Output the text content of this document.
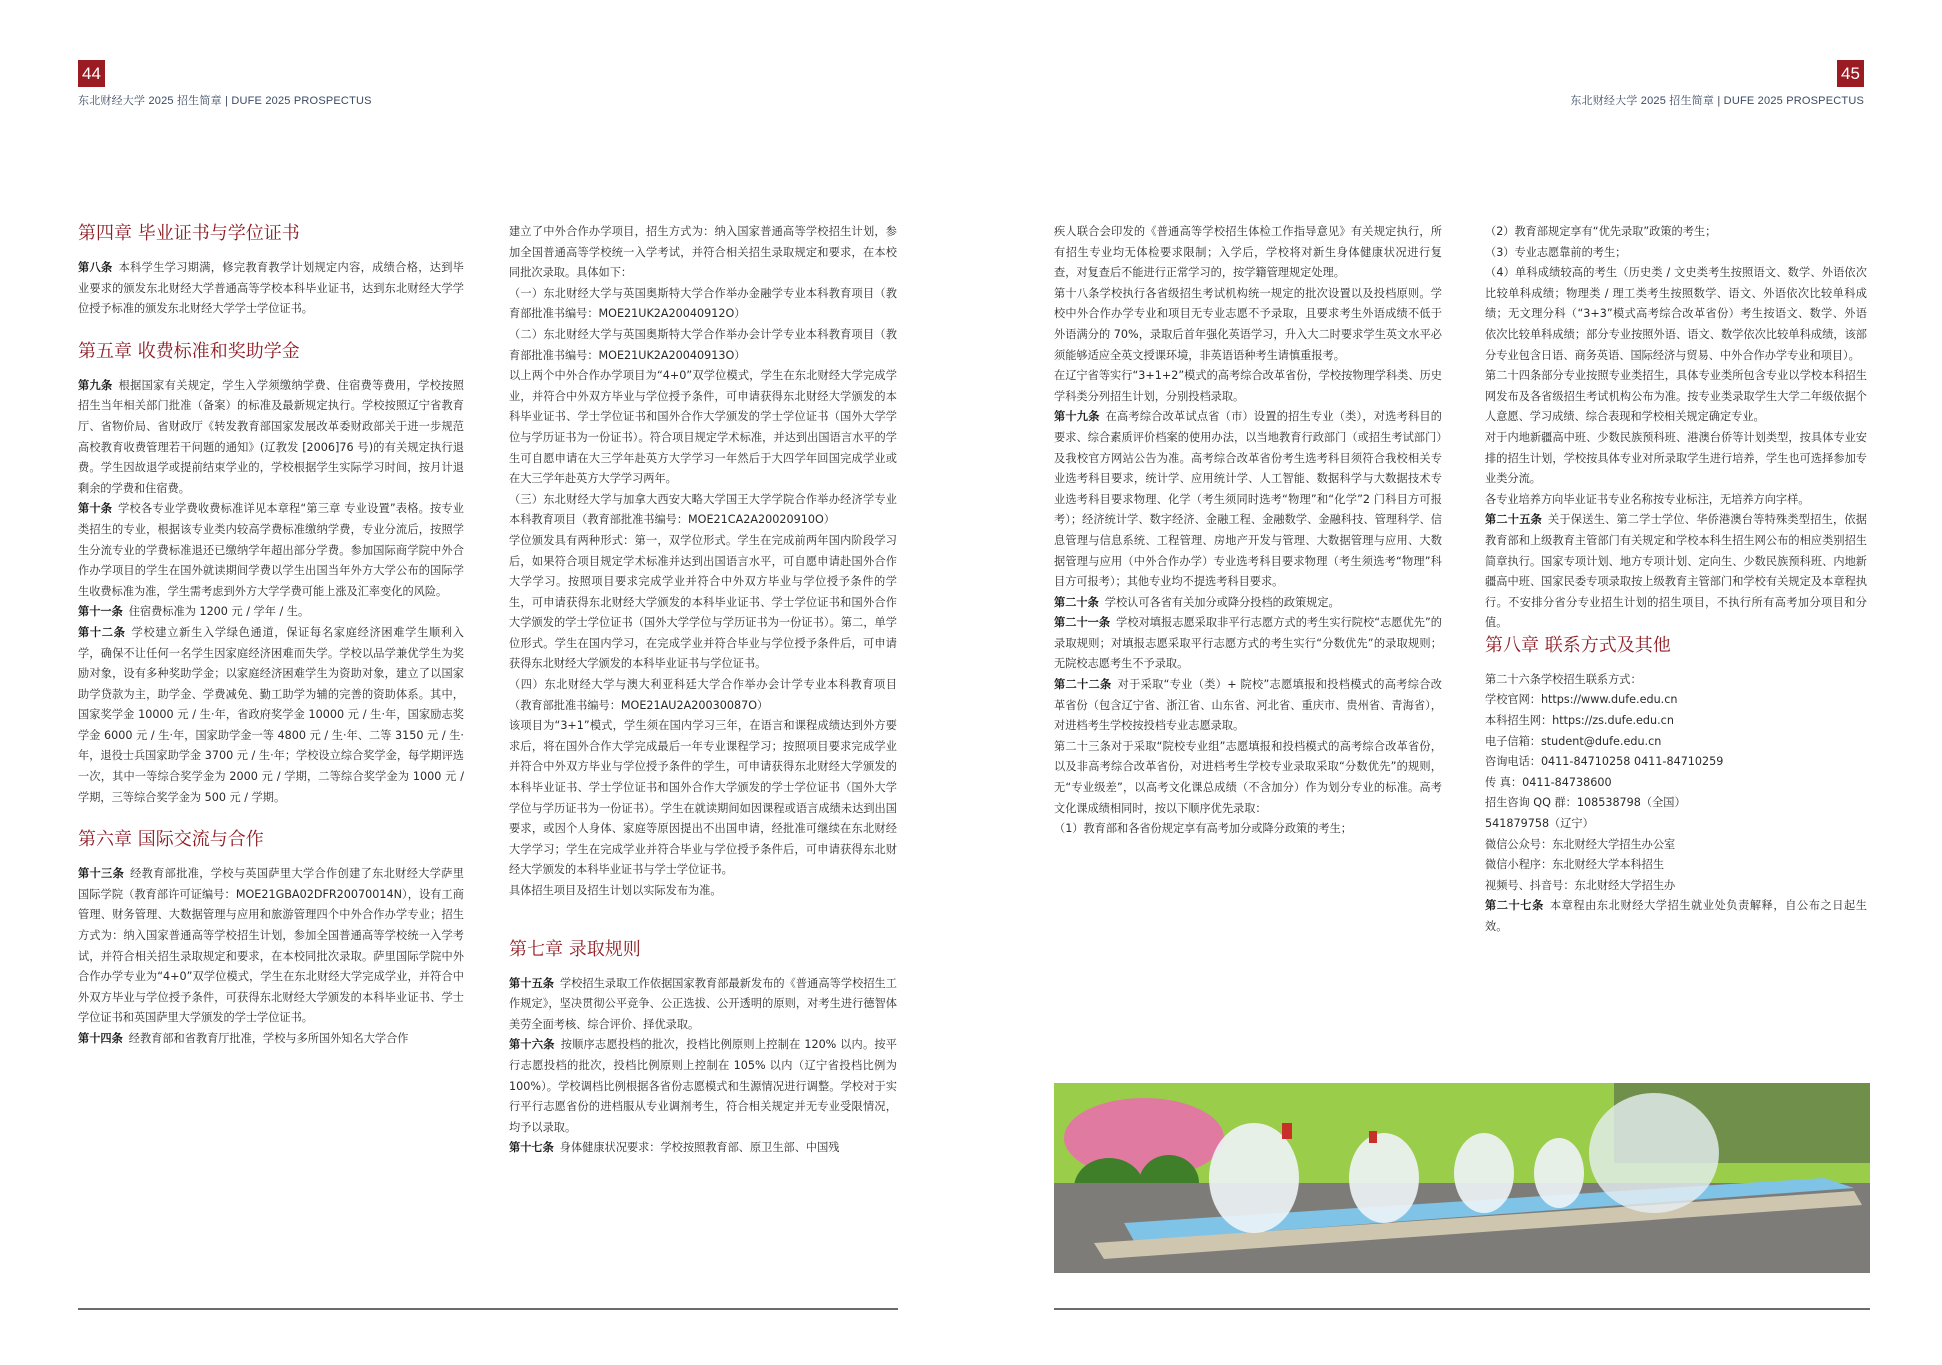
44
东北财经大学 2025 招生简章 | DUFE 2025 PROSPECTUS
45
东北财经大学 2025 招生简章 | DUFE 2025 PROSPECTUS
第四章 毕业证书与学位证书

第八条 本科学生学习期满，修完教育教学计划规定内容，成绩合格，达到毕业要求的颁发东北财经大学普通高等学校本科毕业证书，达到东北财经大学学位授予标准的颁发东北财经大学学士学位证书。

第五章 收费标准和奖助学金

第九条 根据国家有关规定，学生入学须缴纳学费、住宿费等费用，学校按照招生当年相关部门批准（备案）的标准及最新规定执行。学校按照辽宁省教育厅、省物价局、省财政厅《转发教育部国家发展改革委财政部关于进一步规范高校教育收费管理若干问题的通知》(辽教发 [2006]76 号)的有关规定执行退费。学生因故退学或提前结束学业的，学校根据学生实际学习时间，按月计退剩余的学费和住宿费。

第十条 学校各专业学费收费标准详见本章程“第三章 专业设置”表格。按专业类招生的专业，根据该专业类内较高学费标准缴纳学费，专业分流后，按照学生分流专业的学费标准退还已缴纳学年超出部分学费。参加国际商学院中外合作办学项目的学生在国外就读期间学费以学生出国当年外方大学公布的国际学生收费标准为准，学生需考虑到外方大学学费可能上涨及汇率变化的风险。

第十一条 住宿费标准为 1200 元 / 学年 / 生。

第十二条 学校建立新生入学绿色通道，保证每名家庭经济困难学生顺利入学，确保不让任何一名学生因家庭经济困难而失学。学校以品学兼优学生为奖励对象，设有多种奖助学金；以家庭经济困难学生为资助对象，建立了以国家助学贷款为主，助学金、学费减免、勤工助学为辅的完善的资助体系。其中，国家奖学金 10000 元 / 生·年，省政府奖学金 10000 元 / 生·年，国家励志奖学金 6000 元 / 生·年，国家助学金一等 4800 元 / 生·年、二等 3150 元 / 生·年，退役士兵国家助学金 3700 元 / 生·年；学校设立综合奖学金，每学期评选一次，其中一等综合奖学金为 2000 元 / 学期，二等综合奖学金为 1000 元 / 学期，三等综合奖学金为 500 元 / 学期。

第六章 国际交流与合作

第十三条 经教育部批准，学校与英国萨里大学合作创建了东北财经大学萨里国际学院（教育部许可证编号：MOE21GBA02DFR20070014N），设有工商管理、财务管理、大数据管理与应用和旅游管理四个中外合作办学专业；招生方式为：纳入国家普通高等学校招生计划，参加全国普通高等学校统一入学考试，并符合相关招生录取规定和要求，在本校同批次录取。萨里国际学院中外合作办学专业为“4+0”双学位模式，学生在东北财经大学完成学业，并符合中外双方毕业与学位授予条件，可获得东北财经大学颁发的本科毕业证书、学士学位证书和英国萨里大学颁发的学士学位证书。

第十四条 经教育部和省教育厅批准，学校与多所国外知名大学合作

建立了中外合作办学项目，招生方式为：纳入国家普通高等学校招生计划，参加全国普通高等学校统一入学考试，并符合相关招生录取规定和要求，在本校同批次录取。具体如下：

（一）东北财经大学与英国奥斯特大学合作举办金融学专业本科教育项目（教育部批准书编号：MOE21UK2A20040912O）

（二）东北财经大学与英国奥斯特大学合作举办会计学专业本科教育项目（教育部批准书编号：MOE21UK2A20040913O）

以上两个中外合作办学项目为“4+0”双学位模式，学生在东北财经大学完成学业，并符合中外双方毕业与学位授予条件，可申请获得东北财经大学颁发的本科毕业证书、学士学位证书和国外合作大学颁发的学士学位证书（国外大学学位与学历证书为一份证书）。符合项目规定学术标准，并达到出国语言水平的学生可自愿申请在大三学年赴英方大学学习一年然后于大四学年回国完成学业或在大三学年赴英方大学学习两年。

（三）东北财经大学与加拿大西安大略大学国王大学学院合作举办经济学专业本科教育项目（教育部批准书编号：MOE21CA2A20020910O）

学位颁发具有两种形式：第一，双学位形式。学生在完成前两年国内阶段学习后，如果符合项目规定学术标准并达到出国语言水平，可自愿申请赴国外合作大学学习。按照项目要求完成学业并符合中外双方毕业与学位授予条件的学生，可申请获得东北财经大学颁发的本科毕业证书、学士学位证书和国外合作大学颁发的学士学位证书（国外大学学位与学历证书为一份证书）。第二，单学位形式。学生在国内学习，在完成学业并符合毕业与学位授予条件后，可申请获得东北财经大学颁发的本科毕业证书与学位证书。

（四）东北财经大学与澳大利亚科廷大学合作举办会计学专业本科教育项目（教育部批准书编号：MOE21AU2A20030087O）

该项目为“3+1”模式，学生须在国内学习三年，在语言和课程成绩达到外方要求后，将在国外合作大学完成最后一年专业课程学习；按照项目要求完成学业并符合中外双方毕业与学位授予条件的学生，可申请获得东北财经大学颁发的本科毕业证书、学士学位证书和国外合作大学颁发的学士学位证书（国外大学学位与学历证书为一份证书）。学生在就读期间如因课程或语言成绩未达到出国要求，或因个人身体、家庭等原因提出不出国申请，经批准可继续在东北财经大学学习；学生在完成学业并符合毕业与学位授予条件后，可申请获得东北财经大学颁发的本科毕业证书与学士学位证书。

具体招生项目及招生计划以实际发布为准。

第七章 录取规则

第十五条 学校招生录取工作依据国家教育部最新发布的《普通高等学校招生工作规定》，坚决贯彻公平竞争、公正选拔、公开透明的原则，对考生进行德智体美劳全面考核、综合评价、择优录取。

第十六条 按顺序志愿投档的批次，投档比例原则上控制在 120% 以内。按平行志愿投档的批次，投档比例原则上控制在 105% 以内（辽宁省投档比例为 100%）。学校调档比例根据各省份志愿模式和生源情况进行调整。学校对于实行平行志愿省份的进档服从专业调剂考生，符合相关规定并无专业受限情况，均予以录取。

第十七条 身体健康状况要求：学校按照教育部、原卫生部、中国残

疾人联合会印发的《普通高等学校招生体检工作指导意见》有关规定执行，所有招生专业均无体检要求限制；入学后，学校将对新生身体健康状况进行复查，对复查后不能进行正常学习的，按学籍管理规定处理。

第十八条学校执行各省级招生考试机构统一规定的批次设置以及投档原则。学校中外合作办学专业和项目无专业志愿不予录取，且要求考生外语成绩不低于外语满分的 70%，录取后首年强化英语学习，升入大二时要求学生英文水平必须能够适应全英文授课环境，非英语语种考生请慎重报考。

在辽宁省等实行“3+1+2”模式的高考综合改革省份，学校按物理学科类、历史学科类分列招生计划，分别投档录取。

第十九条 在高考综合改革试点省（市）设置的招生专业（类），对选考科目的要求、综合素质评价档案的使用办法，以当地教育行政部门（或招生考试部门）及我校官方网站公告为准。高考综合改革省份考生选考科目须符合我校相关专业选考科目要求，统计学、应用统计学、人工智能、数据科学与大数据技术专业选考科目要求物理、化学（考生须同时选考“物理”和“化学”2 门科目方可报考）；经济统计学、数字经济、金融工程、金融数学、金融科技、管理科学、信息管理与信息系统、工程管理、房地产开发与管理、大数据管理与应用、大数据管理与应用（中外合作办学）专业选考科目要求物理（考生须选考“物理”科目方可报考）；其他专业均不提选考科目要求。

第二十条 学校认可各省有关加分或降分投档的政策规定。

第二十一条 学校对填报志愿采取非平行志愿方式的考生实行院校“志愿优先”的录取规则；对填报志愿采取平行志愿方式的考生实行“分数优先”的录取规则；无院校志愿考生不予录取。

第二十二条 对于采取“专业（类）+ 院校”志愿填报和投档模式的高考综合改革省份（包含辽宁省、浙江省、山东省、河北省、重庆市、贵州省、青海省），对进档考生学校按投档专业志愿录取。

第二十三条对于采取“院校专业组”志愿填报和投档模式的高考综合改革省份，以及非高考综合改革省份，对进档考生学校专业录取采取“分数优先”的规则，无“专业级差”，以高考文化课总成绩（不含加分）作为划分专业的标准。高考文化课成绩相同时，按以下顺序优先录取：

（1）教育部和各省份规定享有高考加分或降分政策的考生；

（2）教育部规定享有“优先录取”政策的考生；

（3）专业志愿靠前的考生；

（4）单科成绩较高的考生（历史类 / 文史类考生按照语文、数学、外语依次比较单科成绩；物理类 / 理工类考生按照数学、语文、外语依次比较单科成绩；无文理分科（“3+3”模式高考综合改革省份）考生按语文、数学、外语依次比较单科成绩；部分专业按照外语、语文、数学依次比较单科成绩，该部分专业包含日语、商务英语、国际经济与贸易、中外合作办学专业和项目）。

第二十四条部分专业按照专业类招生，具体专业类所包含专业以学校本科招生网发布及各省级招生考试机构公布为准。按专业类录取学生大学二年级依据个人意愿、学习成绩、综合表现和学校相关规定确定专业。

对于内地新疆高中班、少数民族预科班、港澳台侨等计划类型，按具体专业安排的招生计划，学校按具体专业对所录取学生进行培养，学生也可选择参加专业类分流。

各专业培养方向毕业证书专业名称按专业标注，无培养方向字样。

第二十五条 关于保送生、第二学士学位、华侨港澳台等特殊类型招生，依据教育部和上级教育主管部门有关规定和学校本科生招生网公布的相应类别招生简章执行。国家专项计划、地方专项计划、定向生、少数民族预科班、内地新疆高中班、国家民委专项录取按上级教育主管部门和学校有关规定及本章程执行。不安排分省分专业招生计划的招生项目，不执行所有高考加分项目和分值。

第八章 联系方式及其他

第二十六条学校招生联系方式：

学校官网：https://www.dufe.edu.cn

本科招生网：https://zs.dufe.edu.cn

电子信箱：student@dufe.edu.cn

咨询电话：0411-84710258 0411-84710259

传 真：0411-84738600

招生咨询 QQ 群：108538798（全国）

541879758（辽宁）

微信公众号：东北财经大学招生办公室

微信小程序：东北财经大学本科招生

视频号、抖音号：东北财经大学招生办

第二十七条 本章程由东北财经大学招生就业处负责解释，自公布之日起生效。
